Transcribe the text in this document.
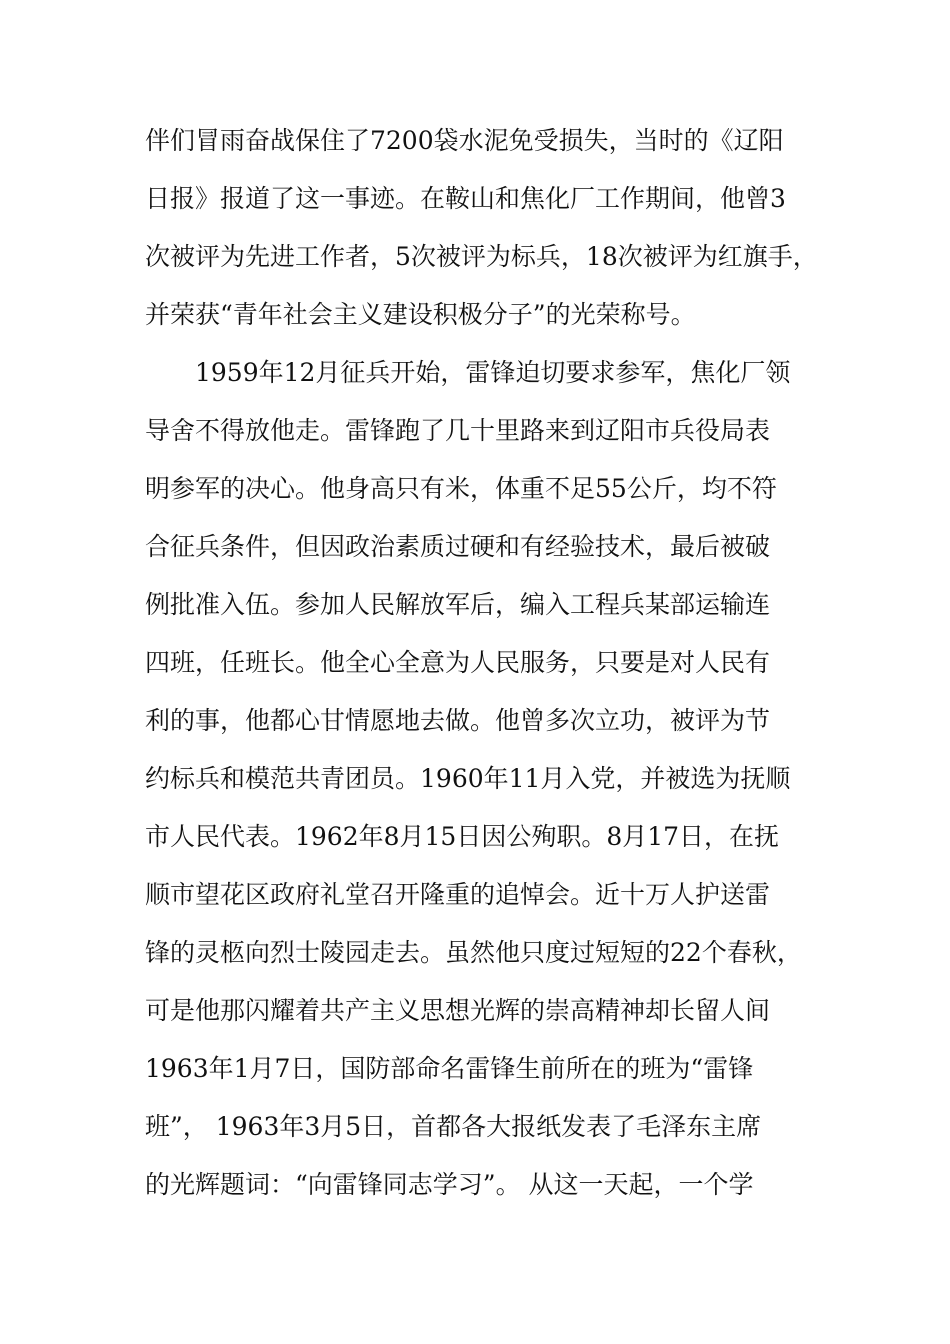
伴们冒雨奋战保住了7200袋水泥免受损失，当时的《辽阳
日报》报道了这一事迹。在鞍山和焦化厂工作期间，他曾3
次被评为先进工作者，5次被评为标兵，18次被评为红旗手，
并荣获“青年社会主义建设积极分子”的光荣称号。
1959年12月征兵开始，雷锋迫切要求参军，焦化厂领
导舍不得放他走。雷锋跑了几十里路来到辽阳市兵役局表
明参军的决心。他身高只有米，体重不足55公斤，均不符
合征兵条件，但因政治素质过硬和有经验技术，最后被破
例批准入伍。参加人民解放军后，编入工程兵某部运输连
四班，任班长。他全心全意为人民服务，只要是对人民有
利的事，他都心甘情愿地去做。他曾多次立功，被评为节
约标兵和模范共青团员。1960年11月入党，并被选为抚顺
市人民代表。1962年8月15日因公殉职。8月17日，在抚
顺市望花区政府礼堂召开隆重的追悼会。近十万人护送雷
锋的灵柩向烈士陵园走去。虽然他只度过短短的22个春秋，
可是他那闪耀着共产主义思想光辉的崇高精神却长留人间
1963年1月7日，国防部命名雷锋生前所在的班为“雷锋
班”， 1963年3月5日，首都各大报纸发表了毛泽东主席
的光辉题词：“向雷锋同志学习”。 从这一天起，一个学
